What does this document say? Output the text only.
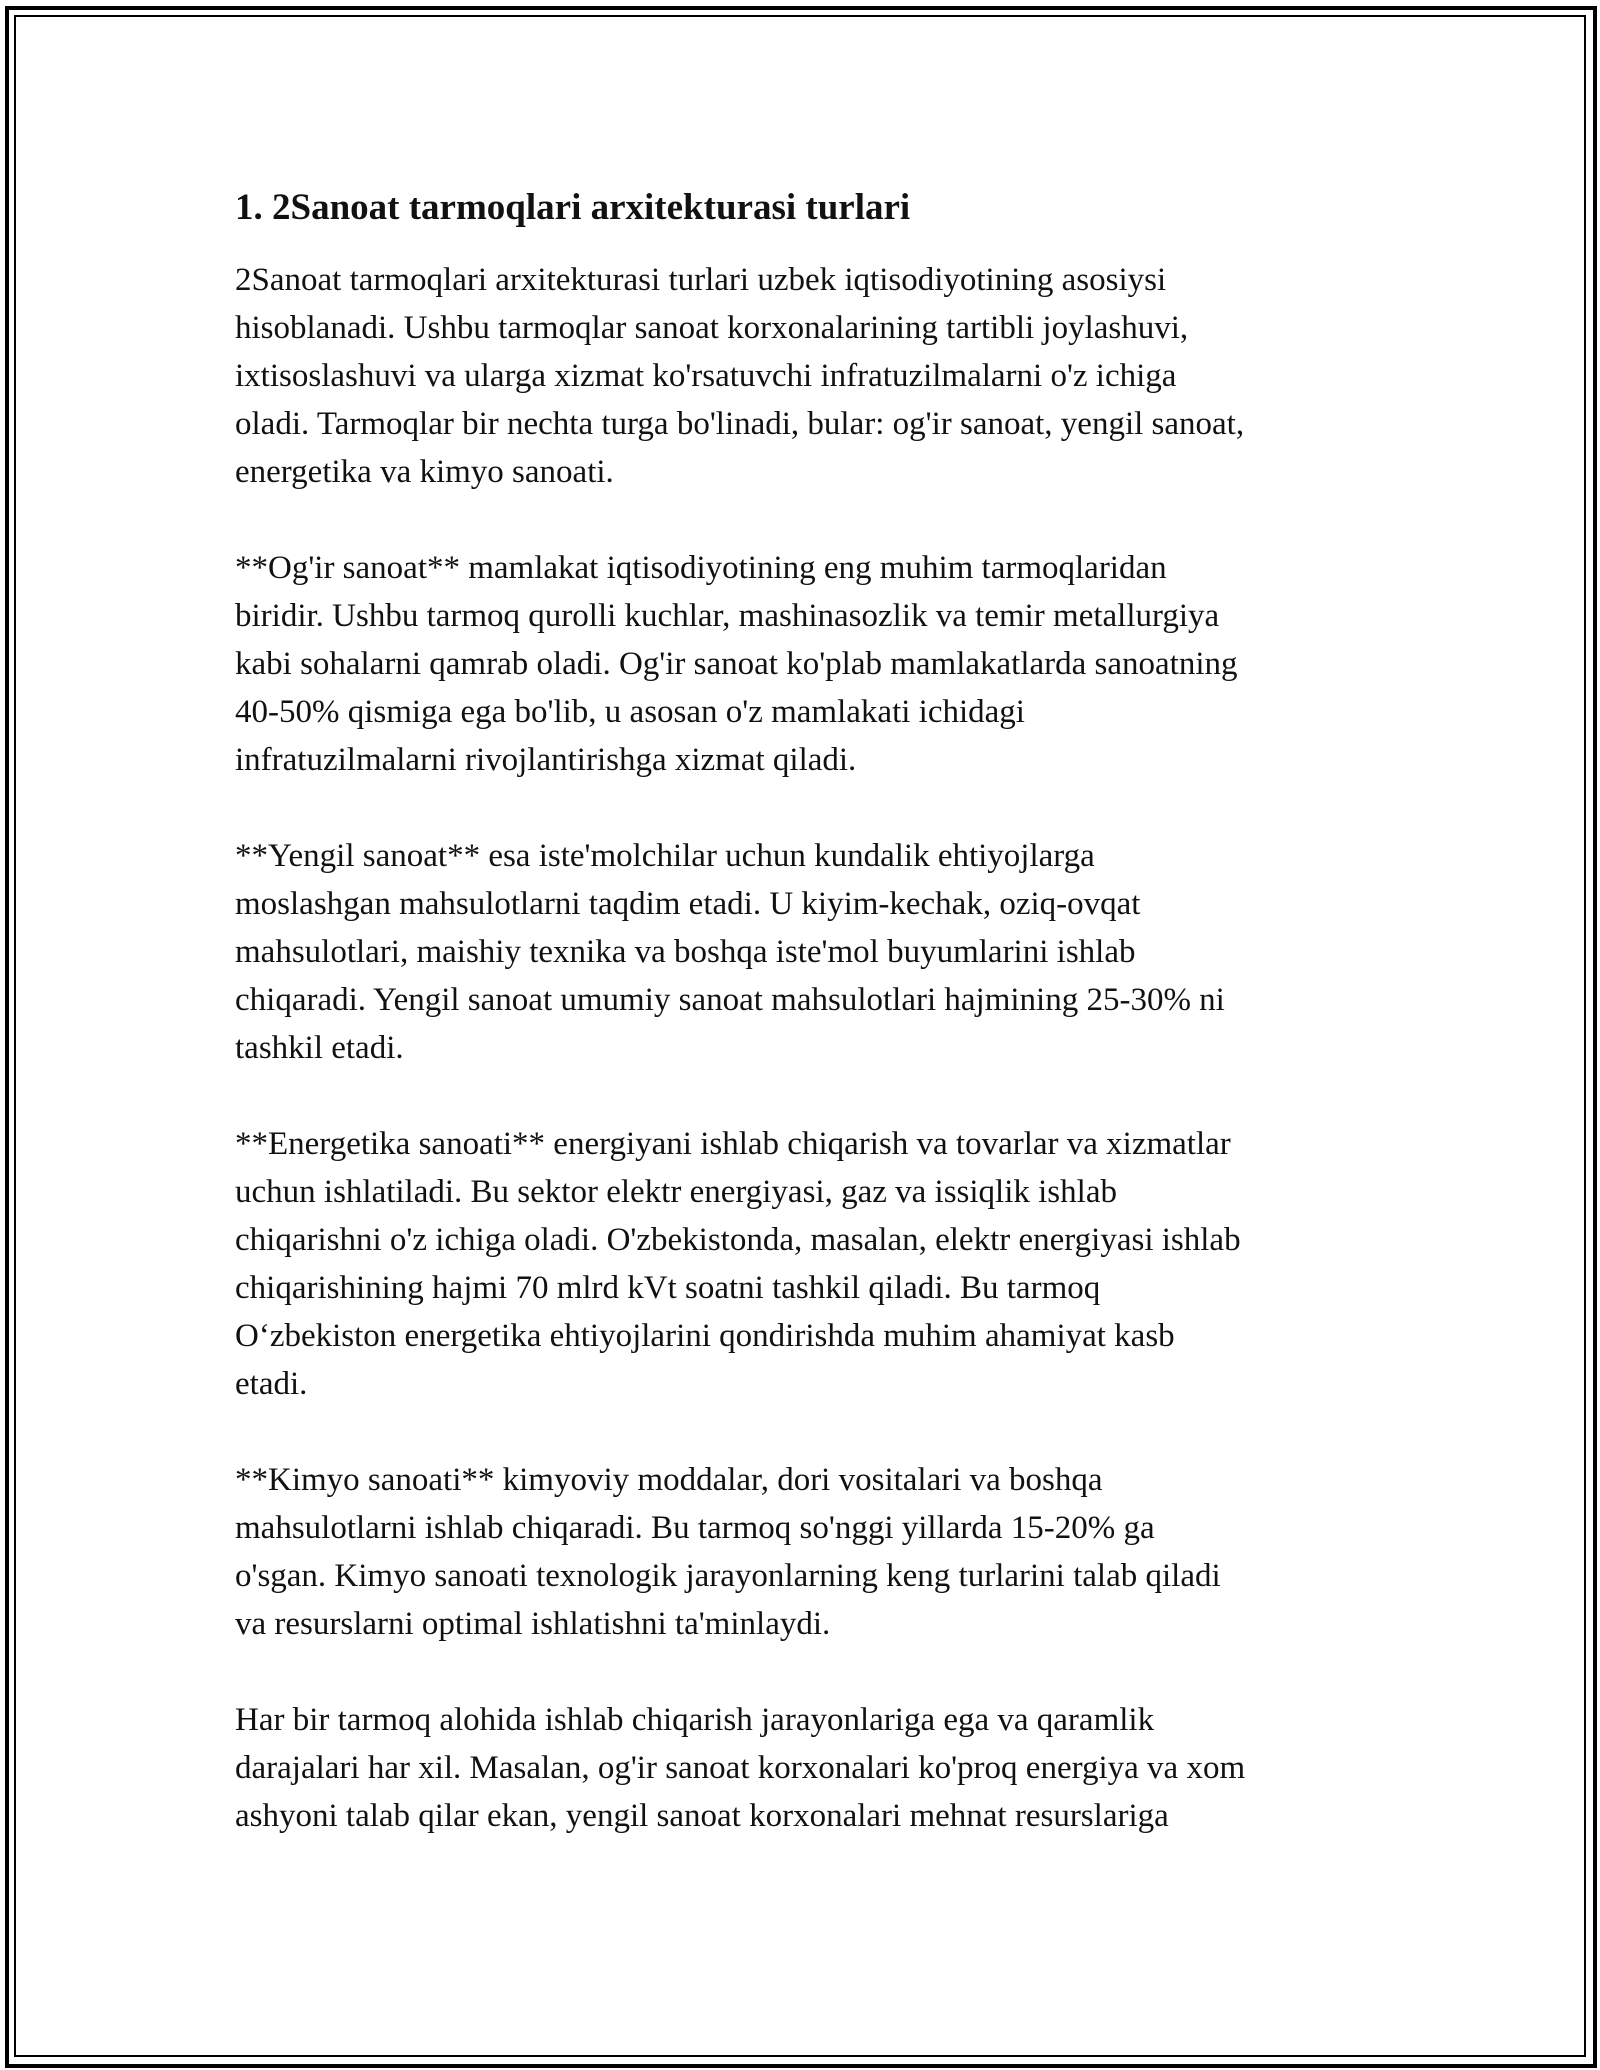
1. 2Sanoat tarmoqlari arxitekturasi turlari
2Sanoat tarmoqlari arxitekturasi turlari uzbek iqtisodiyotining asosiysi
hisoblanadi. Ushbu tarmoqlar sanoat korxonalarining tartibli joylashuvi,
ixtisoslashuvi va ularga xizmat ko'rsatuvchi infratuzilmalarni o'z ichiga
oladi. Tarmoqlar bir nechta turga bo'linadi, bular: og'ir sanoat, yengil sanoat,
energetika va kimyo sanoati.
**Og'ir sanoat** mamlakat iqtisodiyotining eng muhim tarmoqlaridan
biridir. Ushbu tarmoq qurolli kuchlar, mashinasozlik va temir metallurgiya
kabi sohalarni qamrab oladi. Og'ir sanoat ko'plab mamlakatlarda sanoatning
40-50% qismiga ega bo'lib, u asosan o'z mamlakati ichidagi
infratuzilmalarni rivojlantirishga xizmat qiladi.
**Yengil sanoat** esa iste'molchilar uchun kundalik ehtiyojlarga
moslashgan mahsulotlarni taqdim etadi. U kiyim-kechak, oziq-ovqat
mahsulotlari, maishiy texnika va boshqa iste'mol buyumlarini ishlab
chiqaradi. Yengil sanoat umumiy sanoat mahsulotlari hajmining 25-30% ni
tashkil etadi.
**Energetika sanoati** energiyani ishlab chiqarish va tovarlar va xizmatlar
uchun ishlatiladi. Bu sektor elektr energiyasi, gaz va issiqlik ishlab
chiqarishni o'z ichiga oladi. O'zbekistonda, masalan, elektr energiyasi ishlab
chiqarishining hajmi 70 mlrd kVt soatni tashkil qiladi. Bu tarmoq
O‘zbekiston energetika ehtiyojlarini qondirishda muhim ahamiyat kasb
etadi.
**Kimyo sanoati** kimyoviy moddalar, dori vositalari va boshqa
mahsulotlarni ishlab chiqaradi. Bu tarmoq so'nggi yillarda 15-20% ga
o'sgan. Kimyo sanoati texnologik jarayonlarning keng turlarini talab qiladi
va resurslarni optimal ishlatishni ta'minlaydi.
Har bir tarmoq alohida ishlab chiqarish jarayonlariga ega va qaramlik
darajalari har xil. Masalan, og'ir sanoat korxonalari ko'proq energiya va xom
ashyoni talab qilar ekan, yengil sanoat korxonalari mehnat resurslariga
